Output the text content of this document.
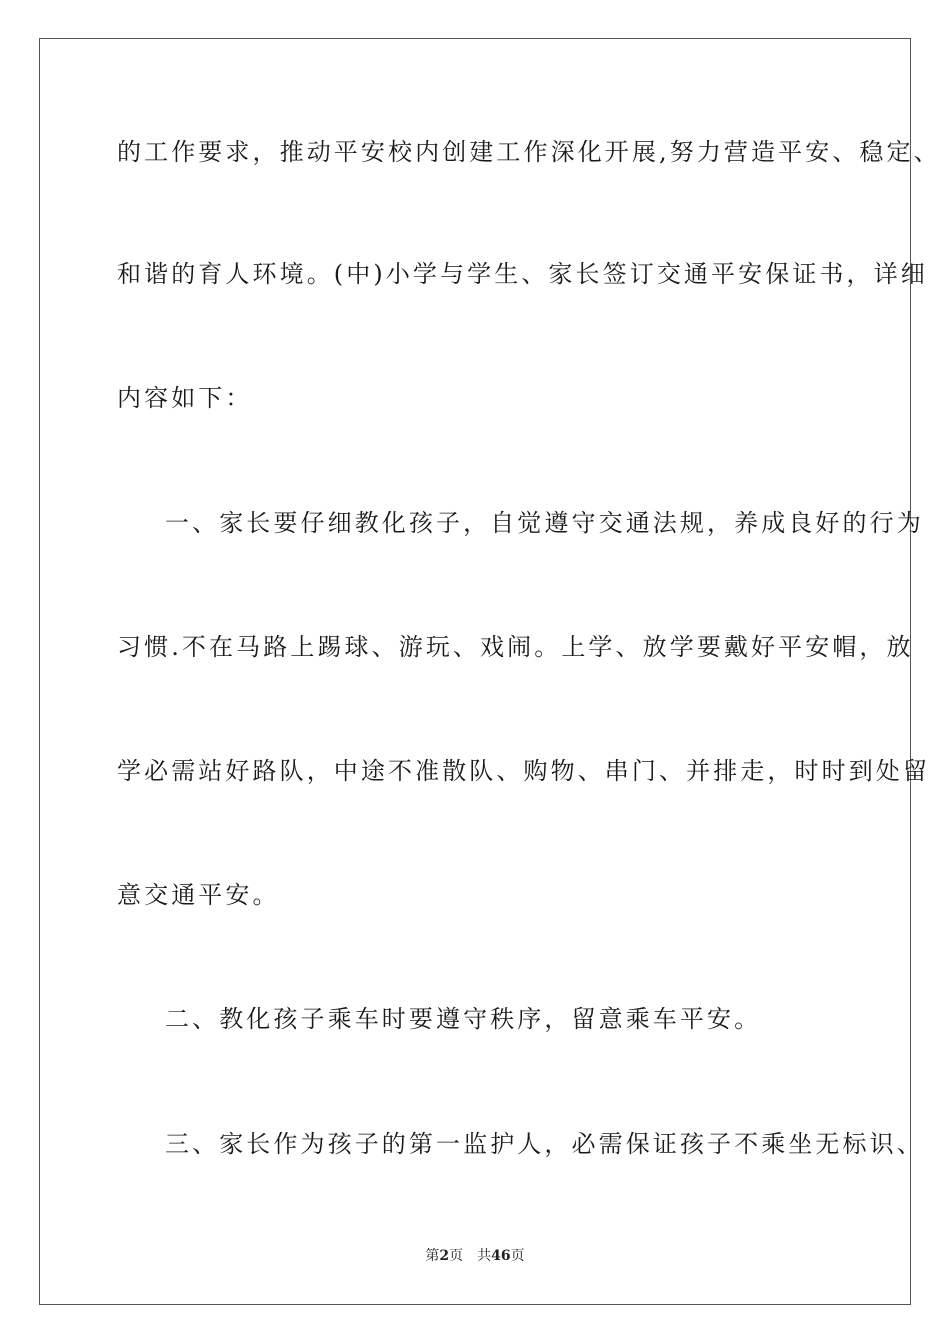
的工作要求，推动平安校内创建工作深化开展,努力营造平安、稳定、
和谐的育人环境。(中)小学与学生、家长签订交通平安保证书，详细
内容如下：
一、家长要仔细教化孩子，自觉遵守交通法规，养成良好的行为
习惯.不在马路上踢球、游玩、戏闹。上学、放学要戴好平安帽，放
学必需站好路队，中途不准散队、购物、串门、并排走，时时到处留
意交通平安。
二、教化孩子乘车时要遵守秩序，留意乘车平安。
三、家长作为孩子的第一监护人，必需保证孩子不乘坐无标识、
第2页 共46页
